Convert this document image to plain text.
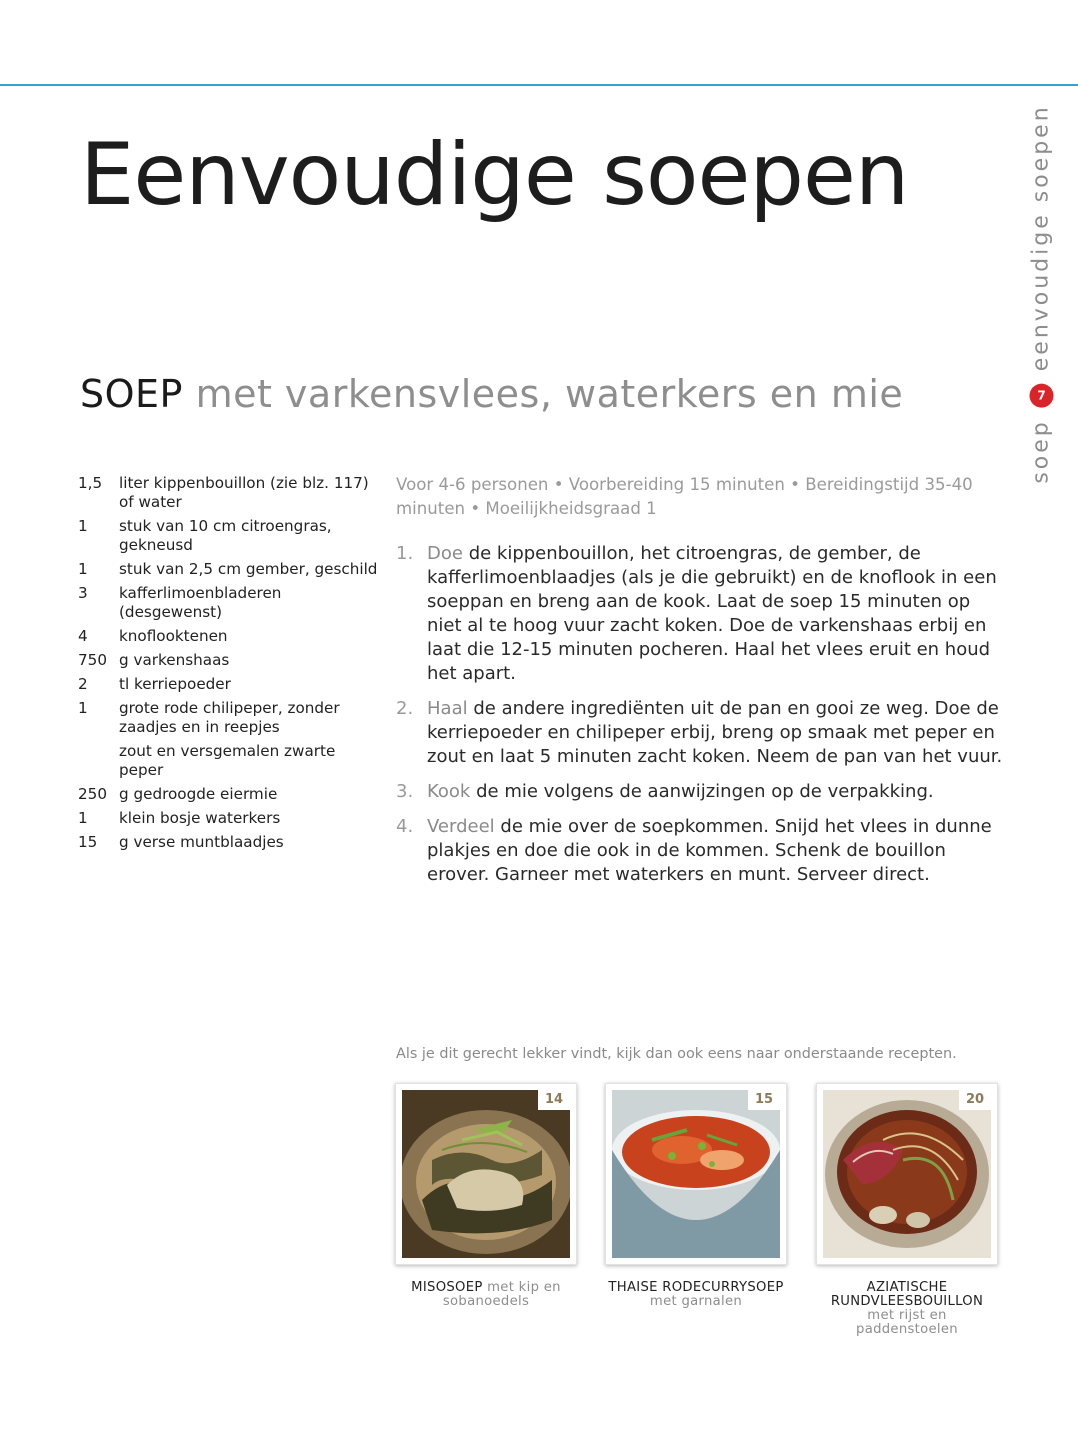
Eenvoudige soepen
soep
7
eenvoudige soepen
SOEP met varkensvlees, waterkers en mie
1,5	liter kippenbouillon (zie blz. 117) of water
1	stuk van 10 cm citroengras, gekneusd
1	stuk van 2,5 cm gember, geschild
3	kafferlimoenbladeren (desgewenst)
4	knoflooktenen
750 g varkenshaas
2	tl kerriepoeder
1	grote rode chilipeper, zonder zaadjes en in reepjes
zout en versgemalen zwarte peper
250 g gedroogde eiermie
1	klein bosje waterkers
15	g verse muntblaadjes

Voor 4-6 personen • Voorbereiding 15 minuten • Bereidingstijd 35-40 minuten • Moeilijkheidsgraad 1

1. Doe de kippenbouillon, het citroengras, de gember, de kafferlimoenblaadjes (als je die gebruikt) en de knoflook in een soeppan en breng aan de kook. Laat de soep 15 minuten op niet al te hoog vuur zacht koken. Doe de varkenshaas erbij en laat die 12-15 minuten pocheren. Haal het vlees eruit en houd het apart.
2. Haal de andere ingrediënten uit de pan en gooi ze weg. Doe de kerriepoeder en chilipeper erbij, breng op smaak met peper en zout en laat 5 minuten zacht koken. Neem de pan van het vuur.
3. Kook de mie volgens de aanwijzingen op de verpakking.
4. Verdeel de mie over de soepkommen. Snijd het vlees in dunne plakjes en doe die ook in de kommen. Schenk de bouillon erover. Garneer met waterkers en munt. Serveer direct.

Als je dit gerecht lekker vindt, kijk dan ook eens naar onderstaande recepten.

14
MISOSOEP met kip en sobanoedels
15
THAISE RODECURRYSOEP
met garnalen
20
AZIATISCHE RUNDVLEESBOUILLON
met rijst en paddenstoelen
